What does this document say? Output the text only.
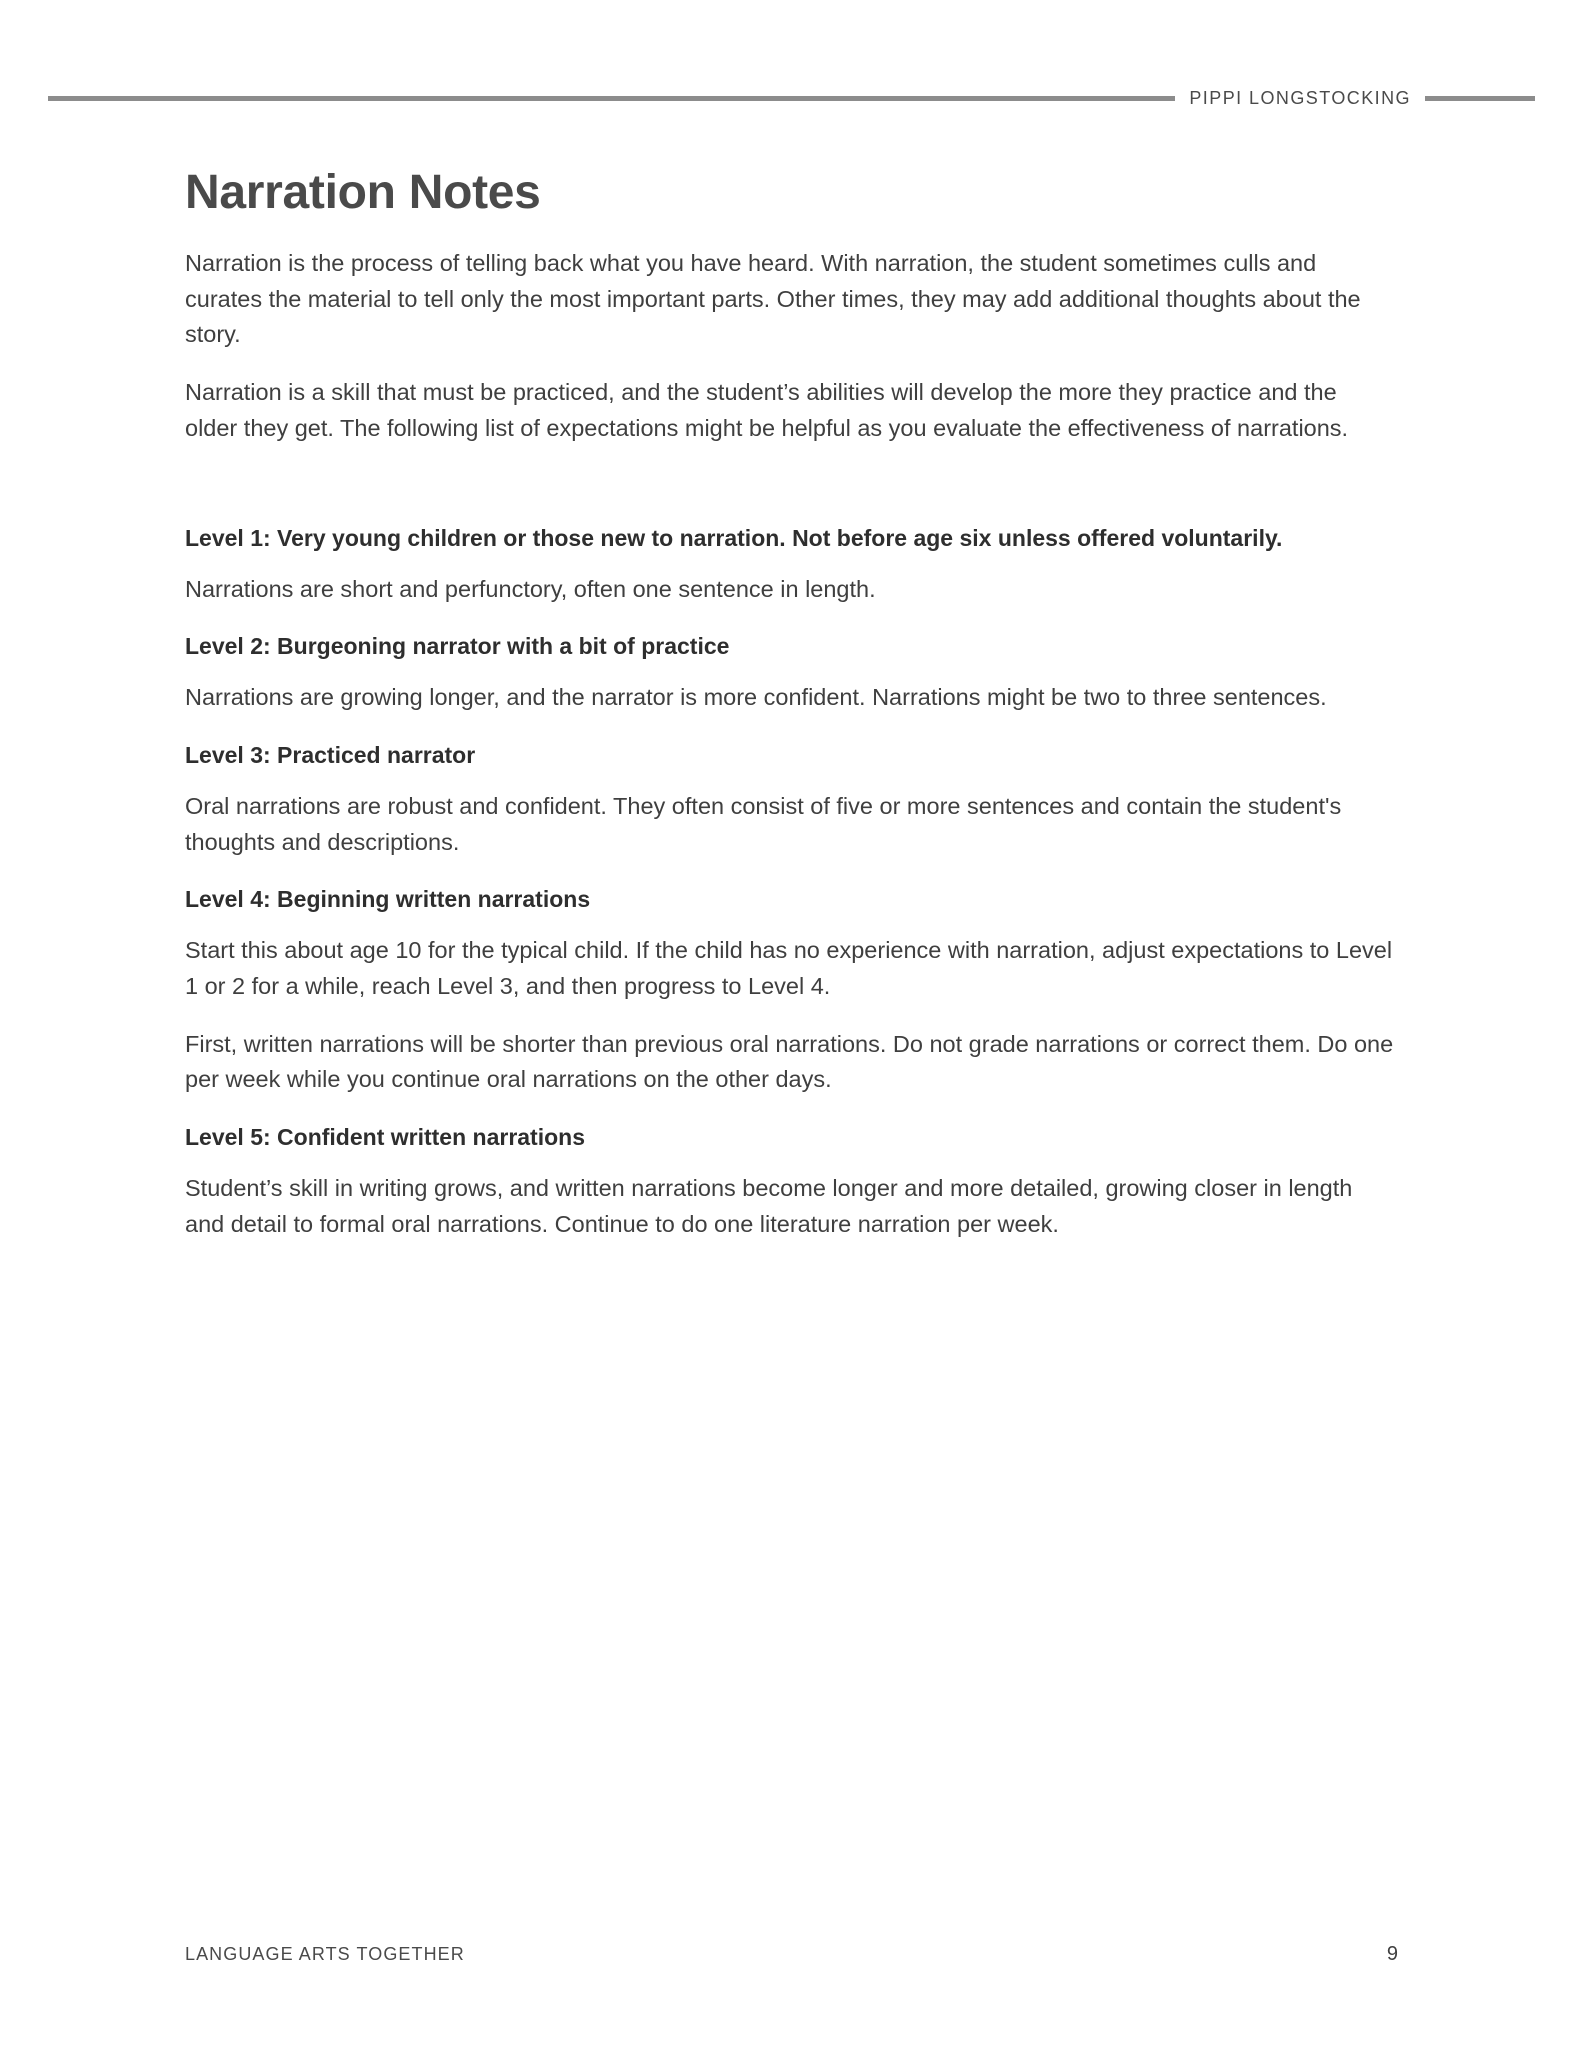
PIPPI LONGSTOCKING
Narration Notes

Narration is the process of telling back what you have heard. With narration, the student sometimes culls and curates the material to tell only the most important parts. Other times, they may add additional thoughts about the story.

Narration is a skill that must be practiced, and the student’s abilities will develop the more they practice and the older they get. The following list of expectations might be helpful as you evaluate the effectiveness of narrations.

Level 1: Very young children or those new to narration. Not before age six unless offered voluntarily.

Narrations are short and perfunctory, often one sentence in length.

Level 2: Burgeoning narrator with a bit of practice

Narrations are growing longer, and the narrator is more confident. Narrations might be two to three sentences.

Level 3: Practiced narrator

Oral narrations are robust and confident. They often consist of five or more sentences and contain the student's thoughts and descriptions.

Level 4: Beginning written narrations

Start this about age 10 for the typical child. If the child has no experience with narration, adjust expectations to Level 1 or 2 for a while, reach Level 3, and then progress to Level 4.

First, written narrations will be shorter than previous oral narrations. Do not grade narrations or correct them. Do one per week while you continue oral narrations on the other days.

Level 5: Confident written narrations

Student’s skill in writing grows, and written narrations become longer and more detailed, growing closer in length and detail to formal oral narrations. Continue to do one literature narration per week.

LANGUAGE ARTS TOGETHER	9
